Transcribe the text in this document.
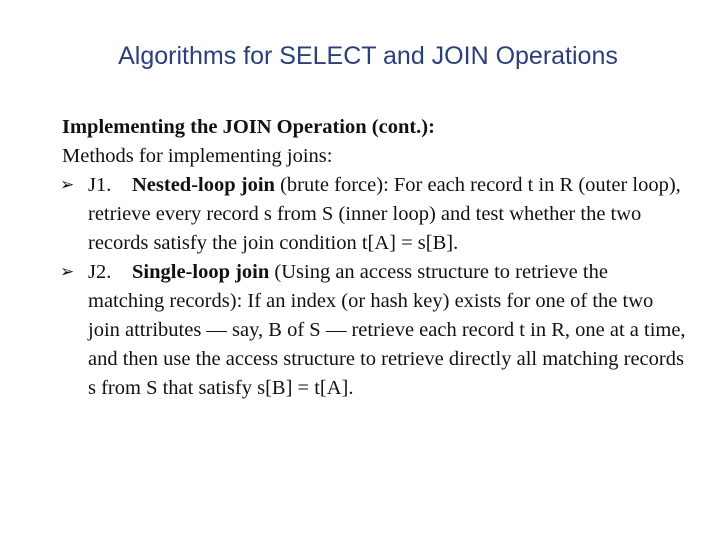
Algorithms for SELECT and JOIN Operations

Implementing the JOIN Operation (cont.):

Methods for implementing joins:

➢ J1. Nested-loop join (brute force): For each record t in R (outer loop), retrieve every record s from S (inner loop) and test whether the two records satisfy the join condition t[A] = s[B].

➢ J2. Single-loop join (Using an access structure to retrieve the matching records): If an index (or hash key) exists for one of the two join attributes — say, B of S — retrieve each record t in R, one at a time, and then use the access structure to retrieve directly all matching records s from S that satisfy s[B] = t[A].
